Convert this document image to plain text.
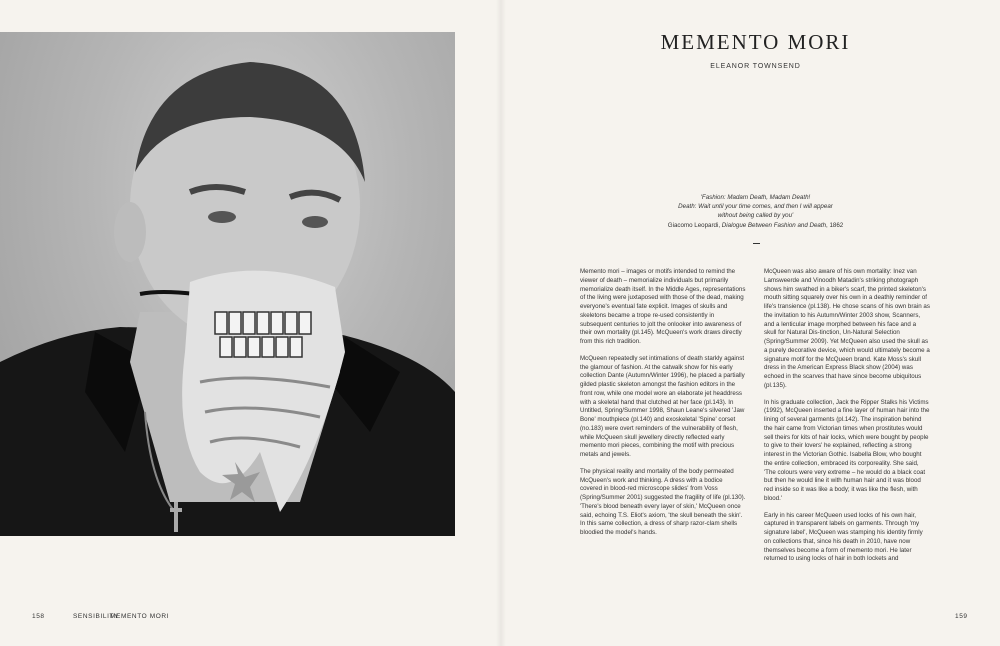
158	SENSIBILITY
MEMENTO MORI	159
MEMENTO MORI
ELEANOR TOWNSEND
'Fashion: Madam Death, Madam Death!
Death: Wait until your time comes, and then I will appear
without being called by you'
Giacomo Leopardi, Dialogue Between Fashion and Death, 1862

Memento mori – images or motifs intended to remind the viewer of death – memorialize individuals but primarily memorialize death itself. In the Middle Ages, representations of the living were juxtaposed with those of the dead, making everyone's eventual fate explicit. Images of skulls and skeletons became a trope re-used consistently in subsequent centuries to jolt the onlooker into awareness of their own mortality (pl.145). McQueen's work draws directly from this rich tradition.

McQueen repeatedly set intimations of death starkly against the glamour of fashion. At the catwalk show for his early collection Dante (Autumn/Winter 1996), he placed a partially gilded plastic skeleton amongst the fashion editors in the front row, while one model wore an elaborate jet headdress with a skeletal hand that clutched at her face (pl.143). In Untitled, Spring/Summer 1998, Shaun Leane's silvered 'Jaw Bone' mouthpiece (pl.140) and exoskeletal 'Spine' corset (no.183) were overt reminders of the vulnerability of flesh, while McQueen skull jewellery directly reflected early memento mori pieces, combining the motif with precious metals and jewels.

The physical reality and mortality of the body permeated McQueen's work and thinking. A dress with a bodice covered in blood-red microscope slides' from Voss (Spring/Summer 2001) suggested the fragility of life (pl.130). 'There's blood beneath every layer of skin,' McQueen once said, echoing T.S. Eliot's axiom, 'the skull beneath the skin'. In this same collection, a dress of sharp razor-clam shells bloodied the model's hands.

McQueen was also aware of his own mortality: Inez van Lamsweerde and Vinoodh Matadin's striking photograph shows him swathed in a biker's scarf, the printed skeleton's mouth sitting squarely over his own in a deathly reminder of life's transience (pl.138). He chose scans of his own brain as the invitation to his Autumn/Winter 2003 show, Scanners, and a lenticular image morphed between his face and a skull for Natural Dis-tinction, Un-Natural Selection (Spring/Summer 2009). Yet McQueen also used the skull as a purely decorative device, which would ultimately become a signature motif for the McQueen brand. Kate Moss's skull dress in the American Express Black show (2004) was echoed in the scarves that have since become ubiquitous (pl.135).

In his graduate collection, Jack the Ripper Stalks his Victims (1992), McQueen inserted a fine layer of human hair into the lining of several garments (pl.142). The inspiration behind the hair came from Victorian times when prostitutes would sell theirs for kits of hair locks, which were bought by people to give to their lovers' he explained, reflecting a strong interest in the Victorian Gothic. Isabella Blow, who bought the entire collection, embraced its corporeality. She said, 'The colours were very extreme – he would do a black coat but then he would line it with human hair and it was blood red inside so it was like a body; it was like the flesh, with blood.'

Early in his career McQueen used locks of his own hair, captured in transparent labels on garments. Through 'my signature label', McQueen was stamping his identity firmly on collections that, since his death in 2010, have now themselves become a form of memento mori. He later returned to using locks of hair in both lockets and
